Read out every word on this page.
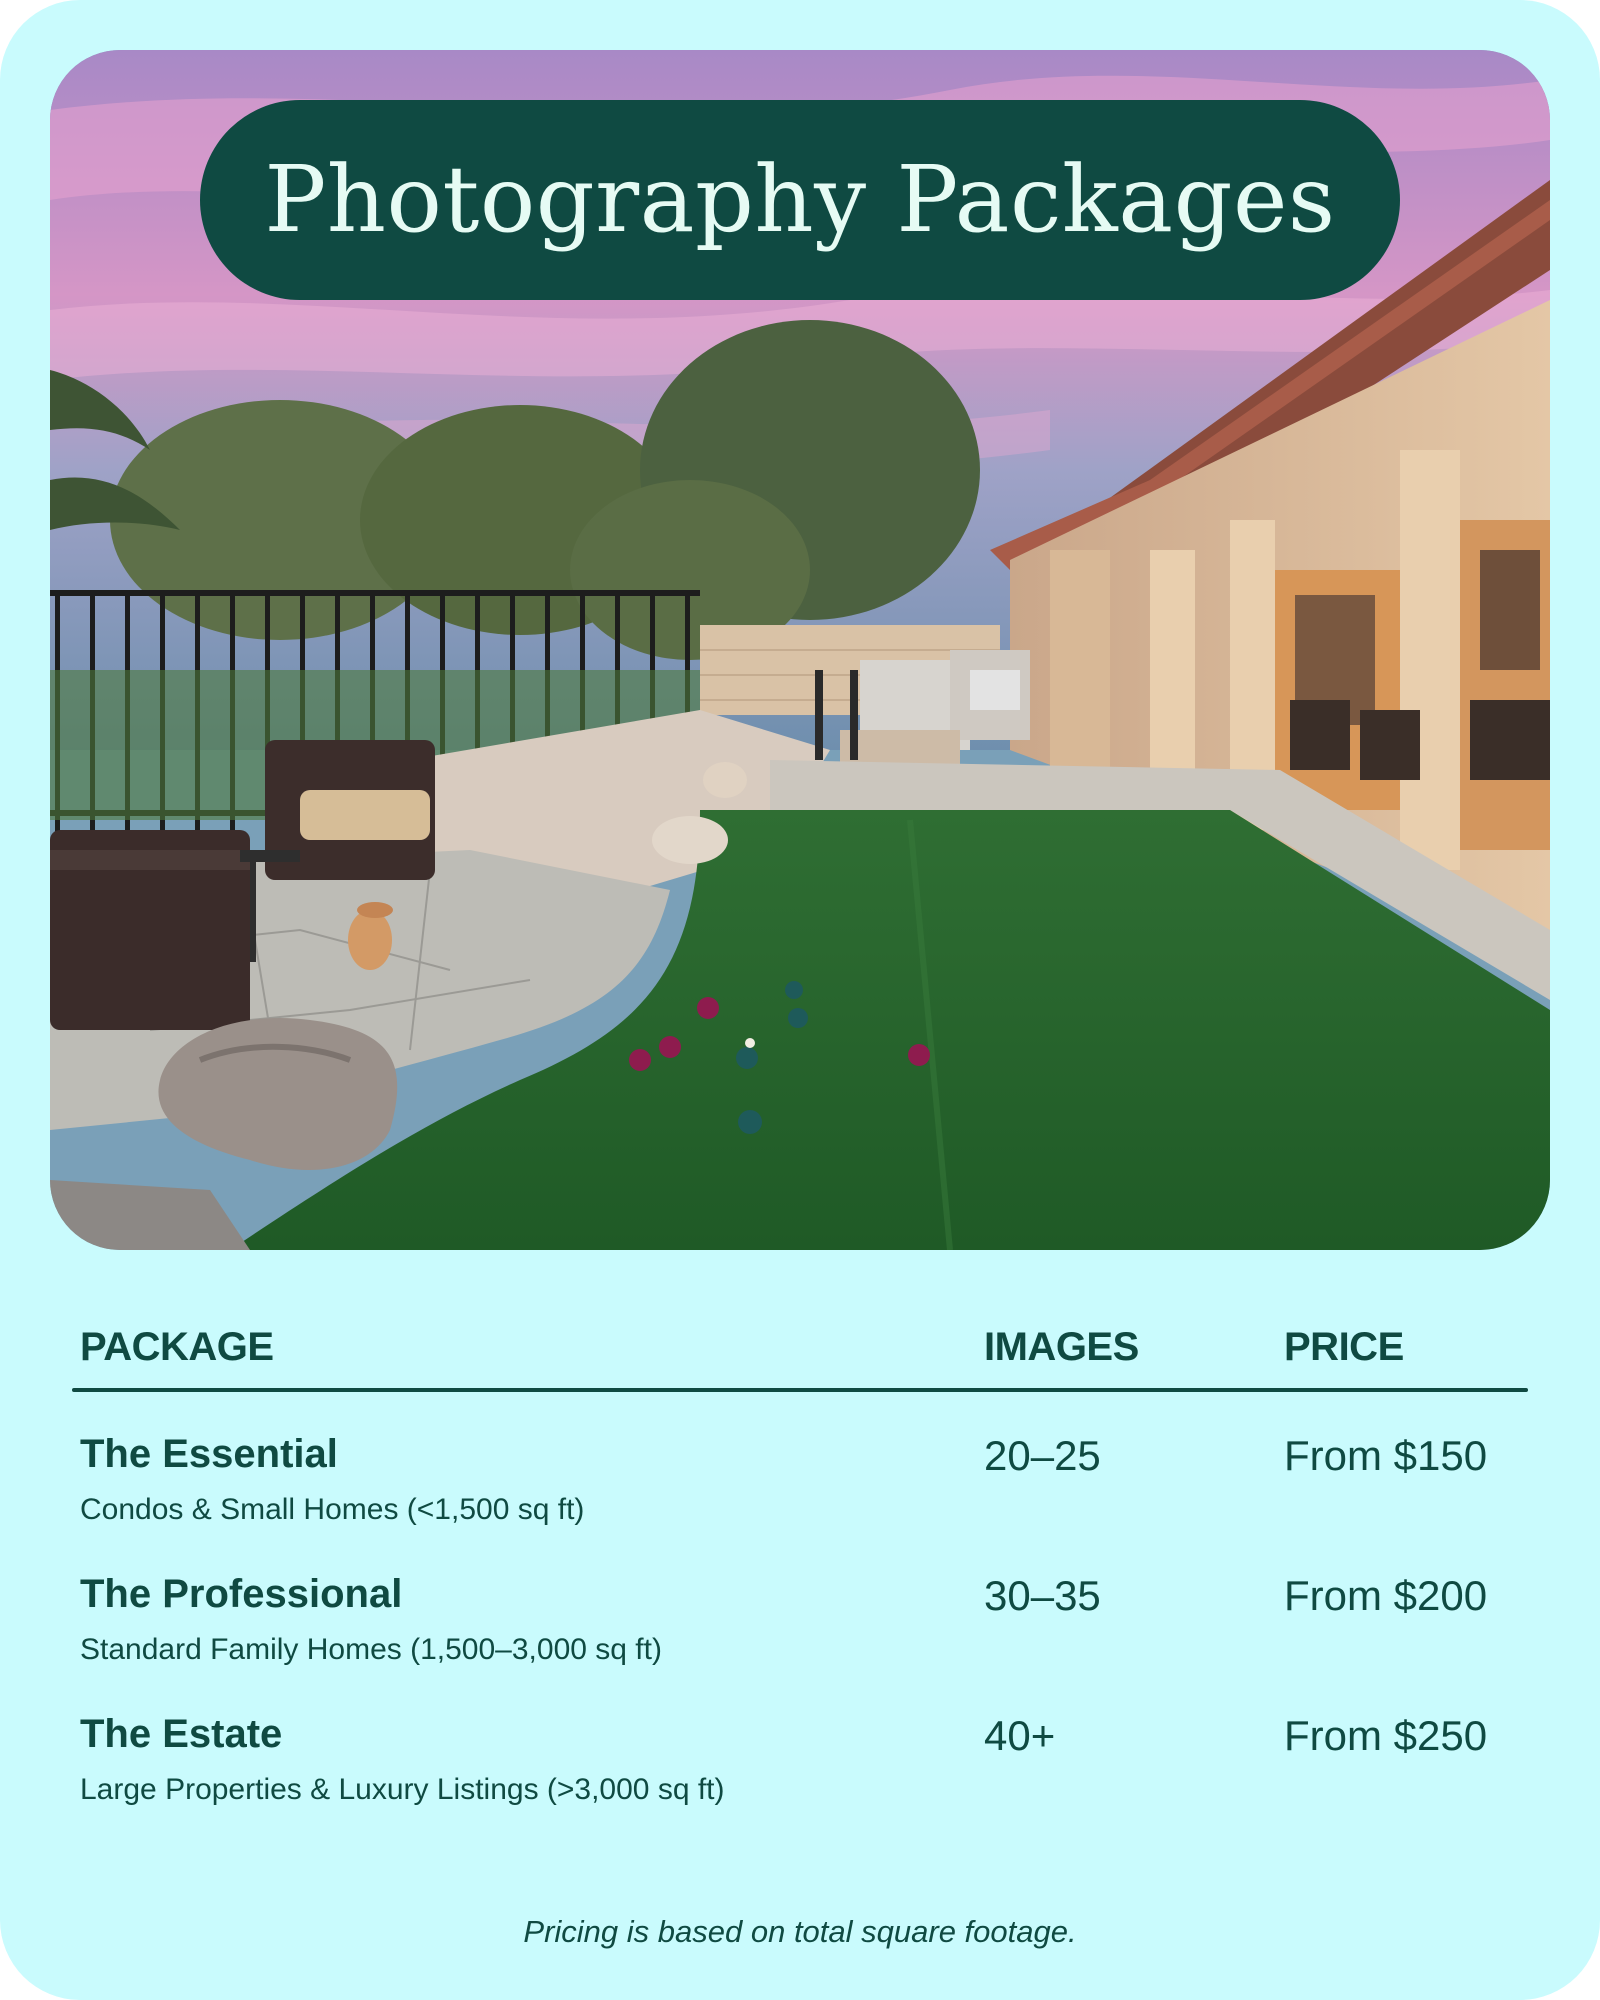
Photography Packages
PACKAGE	IMAGES	PRICE
The Essential
Condos & Small Homes (<1,500 sq ft)
20–25	From $150
The Professional
Standard Family Homes (1,500–3,000 sq ft)
30–35	From $200
The Estate
Large Properties & Luxury Listings (>3,000 sq ft)
40+	From $250
Pricing is based on total square footage.
